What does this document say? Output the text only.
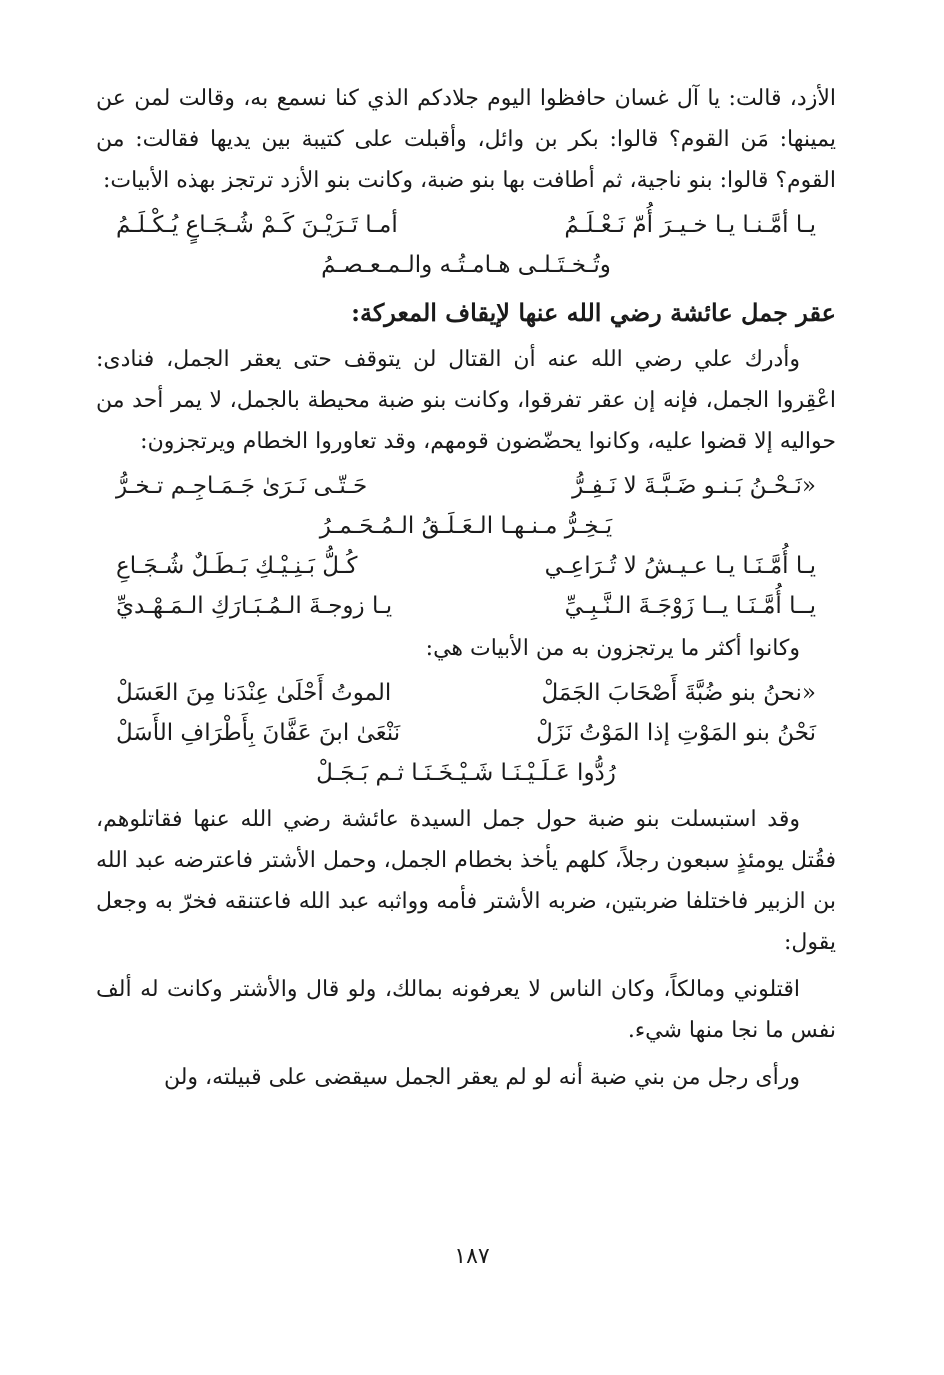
الأزد، قالت: يا آل غسان حافظوا اليوم جلادكم الذي كنا نسمع به، وقالت لمن عن يمينها: مَن القوم؟ قالوا: بكر بن وائل، وأقبلت على كتيبة بين يديها فقالت: من القوم؟ قالوا: بنو ناجية، ثم أطافت بها بنو ضبة، وكانت بنو الأزد ترتجز بهذه الأبيات:

يـا أمَّـنـا يـا خـيـرَ أُمّ نَـعْـلَـمُ
أمـا تَـرَيْـنَ كَـمْ شُـجَـاعٍ يُـكْـلَـمُ
وتُـخـتَـلـى هـامـتُـه والـمـعـصـمُ
عقر جمل عائشة رضي الله عنها لإيقاف المعركة:

وأدرك علي رضي الله عنه أن القتال لن يتوقف حتى يعقر الجمل، فنادى: اعْقِروا الجمل، فإنه إن عقر تفرقوا، وكانت بنو ضبة محيطة بالجمل، لا يمر أحد من حواليه إلا قضوا عليه، وكانوا يحضّضون قومهم، وقد تعاوروا الخطام ويرتجزون:

«نَـحْـنُ بَـنـو ضَـبَّـةَ لا نَـفِـرُّ
حَـتّـى نَـرَىٰ جَـمَـاجِـم تـخـرُّ
يَـخِـرُّ مـنـهـا الـعَـلَـقُ الـمُـحَـمـرُ
يـا أُمَّـنَـا يـا عـيـشُ لا تُـرَاعِـي
كُـلُّ بَـنِـيْـكِ بَـطَـلٌ شُـجَـاعِ
يــا أُمَّـنَـا يــا زَوْجَـةَ الـنَّـبِـيِّ
يـا زوجـةَ الـمُـبَـارَكِ الـمَـهْـديِّ

وكانوا أكثر ما يرتجزون به من الأبيات هي:

«نحنُ بنو ضُبَّةَ أَصْحَابَ الجَمَلْ
الموتُ أَحْلَىٰ عِنْدَنا مِنَ العَسَلْ
نَحْنُ بنو المَوْتِ إذا المَوْتُ نَزَلْ
نَنْعَىٰ ابنَ عَفَّانَ بِأَطْرَافِ الأَسَلْ
رُدُّوا عَـلَـيْـنَـا شَـيْـخَـنَـا ثـم بَـجَـلْ

وقد استبسلت بنو ضبة حول جمل السيدة عائشة رضي الله عنها فقاتلوهم، فقُتل يومئذٍ سبعون رجلاً، كلهم يأخذ بخطام الجمل، وحمل الأشتر فاعترضه عبد الله بن الزبير فاختلفا ضربتين، ضربه الأشتر فأمه وواثبه عبد الله فاعتنقه فخرّ به وجعل يقول:

اقتلوني ومالكاً، وكان الناس لا يعرفونه بمالك، ولو قال والأشتر وكانت له ألف نفس ما نجا منها شيء.

ورأى رجل من بني ضبة أنه لو لم يعقر الجمل سيقضى على قبيلته، ولن

١٨٧
